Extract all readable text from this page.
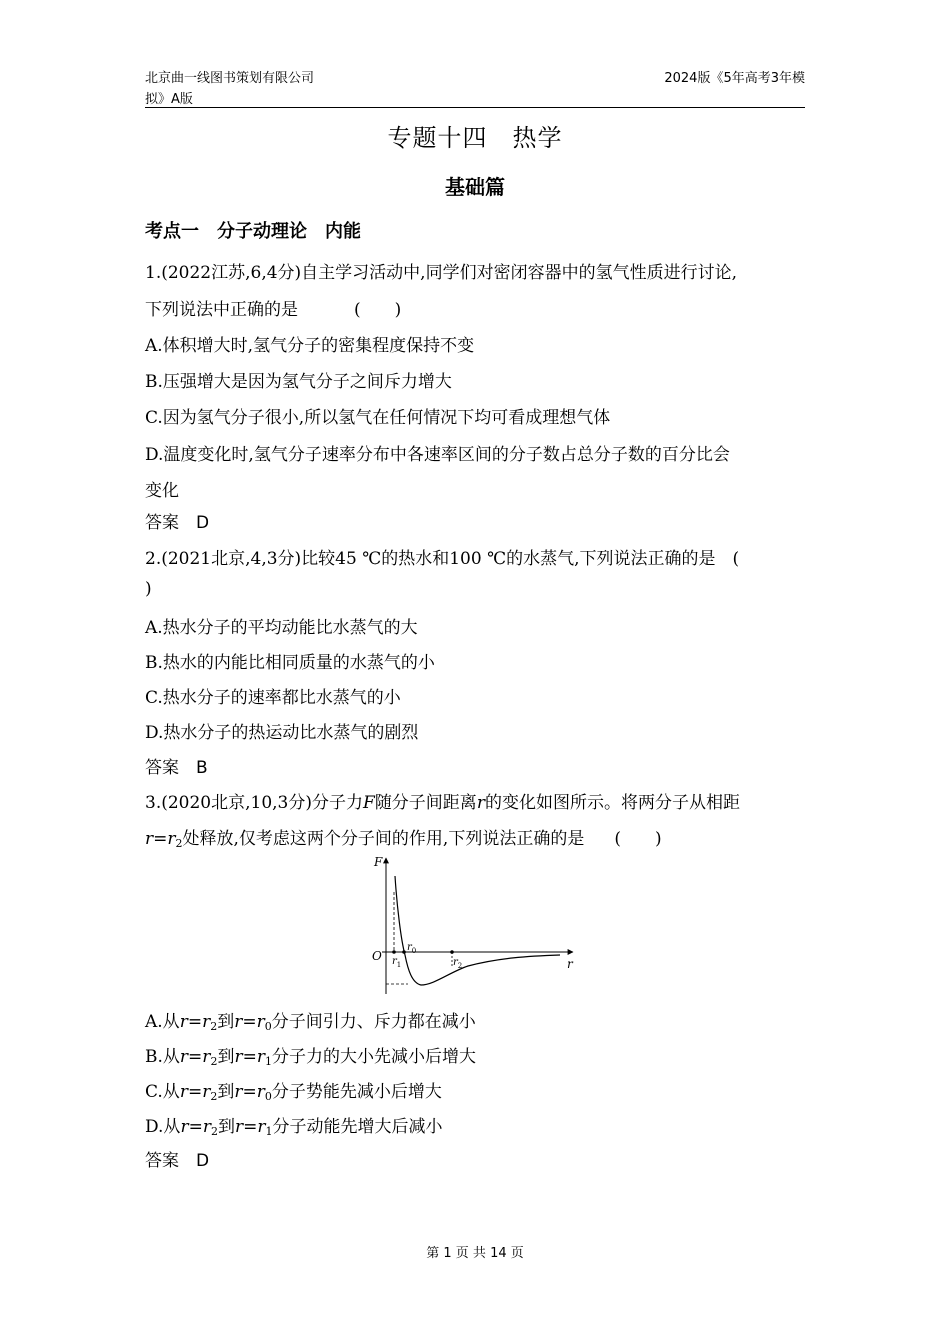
北京曲一线图书策划有限公司
拟》A版
2024版《5年高考3年模
专题十四　热学
基础篇
考点一　分子动理论　内能
1.(2022江苏,6,4分)自主学习活动中,同学们对密闭容器中的氢气性质进行讨论,
下列说法中正确的是	(　　)
A.体积增大时,氢气分子的密集程度保持不变
B.压强增大是因为氢气分子之间斥力增大
C.因为氢气分子很小,所以氢气在任何情况下均可看成理想气体
D.温度变化时,氢气分子速率分布中各速率区间的分子数占总分子数的百分比会
变化
答案　D
2.(2021北京,4,3分)比较45 ℃的热水和100 ℃的水蒸气,下列说法正确的是　(
)
A.热水分子的平均动能比水蒸气的大
B.热水的内能比相同质量的水蒸气的小
C.热水分子的速率都比水蒸气的小
D.热水分子的热运动比水蒸气的剧烈
答案　B
3.(2020北京,10,3分)分子力F随分子间距离r的变化如图所示。将两分子从相距
$r=r_2$处释放,仅考虑这两个分子间的作用,下列说法正确的是 (　　)
F
O
r
$r_0$
$r_1$	$r_2$
A.从$r=r_2$到$r=r_0$分子间引力、斥力都在减小
B.从$r=r_2$到$r=r_1$分子力的大小先减小后增大
C.从$r=r_2$到$r=r_0$分子势能先减小后增大
D.从$r=r_2$到$r=r_1$分子动能先增大后减小
答案　D
第 1 页 共 14 页
